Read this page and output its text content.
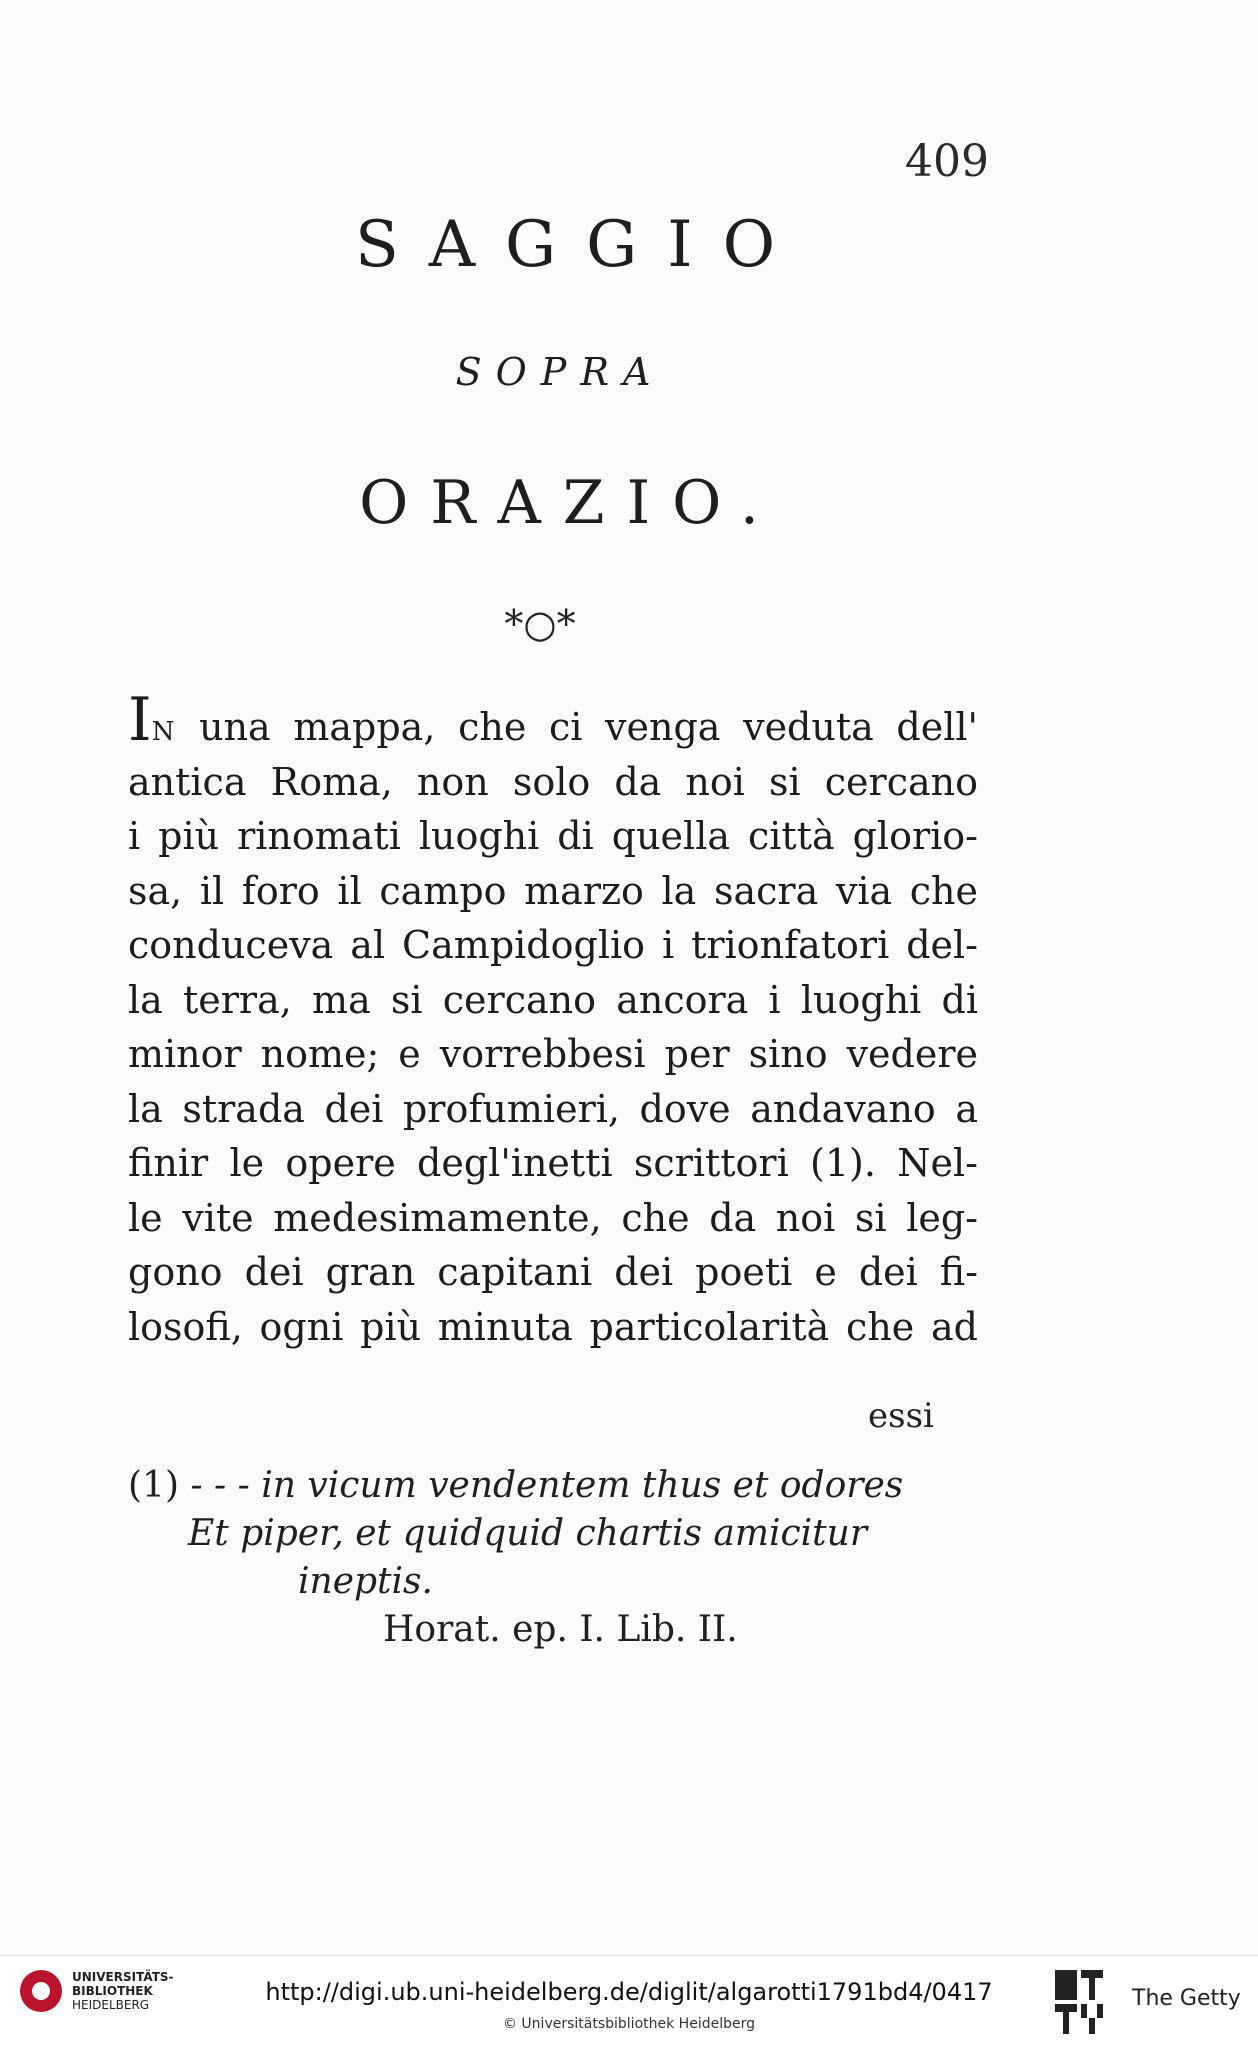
409
SAGGIO
SOPRA
ORAZIO.
*○*

IN una mappa, che ci venga veduta dell'

antica Roma, non solo da noi si cercano

i più rinomati luoghi di quella città glorio-

sa, il foro il campo marzo la sacra via che

conduceva al Campidoglio i trionfatori del-

la terra, ma si cercano ancora i luoghi di

minor nome; e vorrebbesi per sino vedere

la strada dei profumieri, dove andavano a

finir le opere degl'inetti scrittori (1). Nel-

le vite medesimamente, che da noi si leg-

gono dei gran capitani dei poeti e dei fi-

losofi, ogni più minuta particolarità che ad

essi

(1) - - - in vicum vendentem thus et odores

Et piper, et quidquid chartis amicitur

ineptis.

Horat. ep. I. Lib. II.

UNIVERSITÄTS-
BIBLIOTHEK
HEIDELBERG	http://digi.ub.uni-heidelberg.de/diglit/algarotti1791bd4/0417
© Universitätsbibliothek Heidelberg
The Getty
